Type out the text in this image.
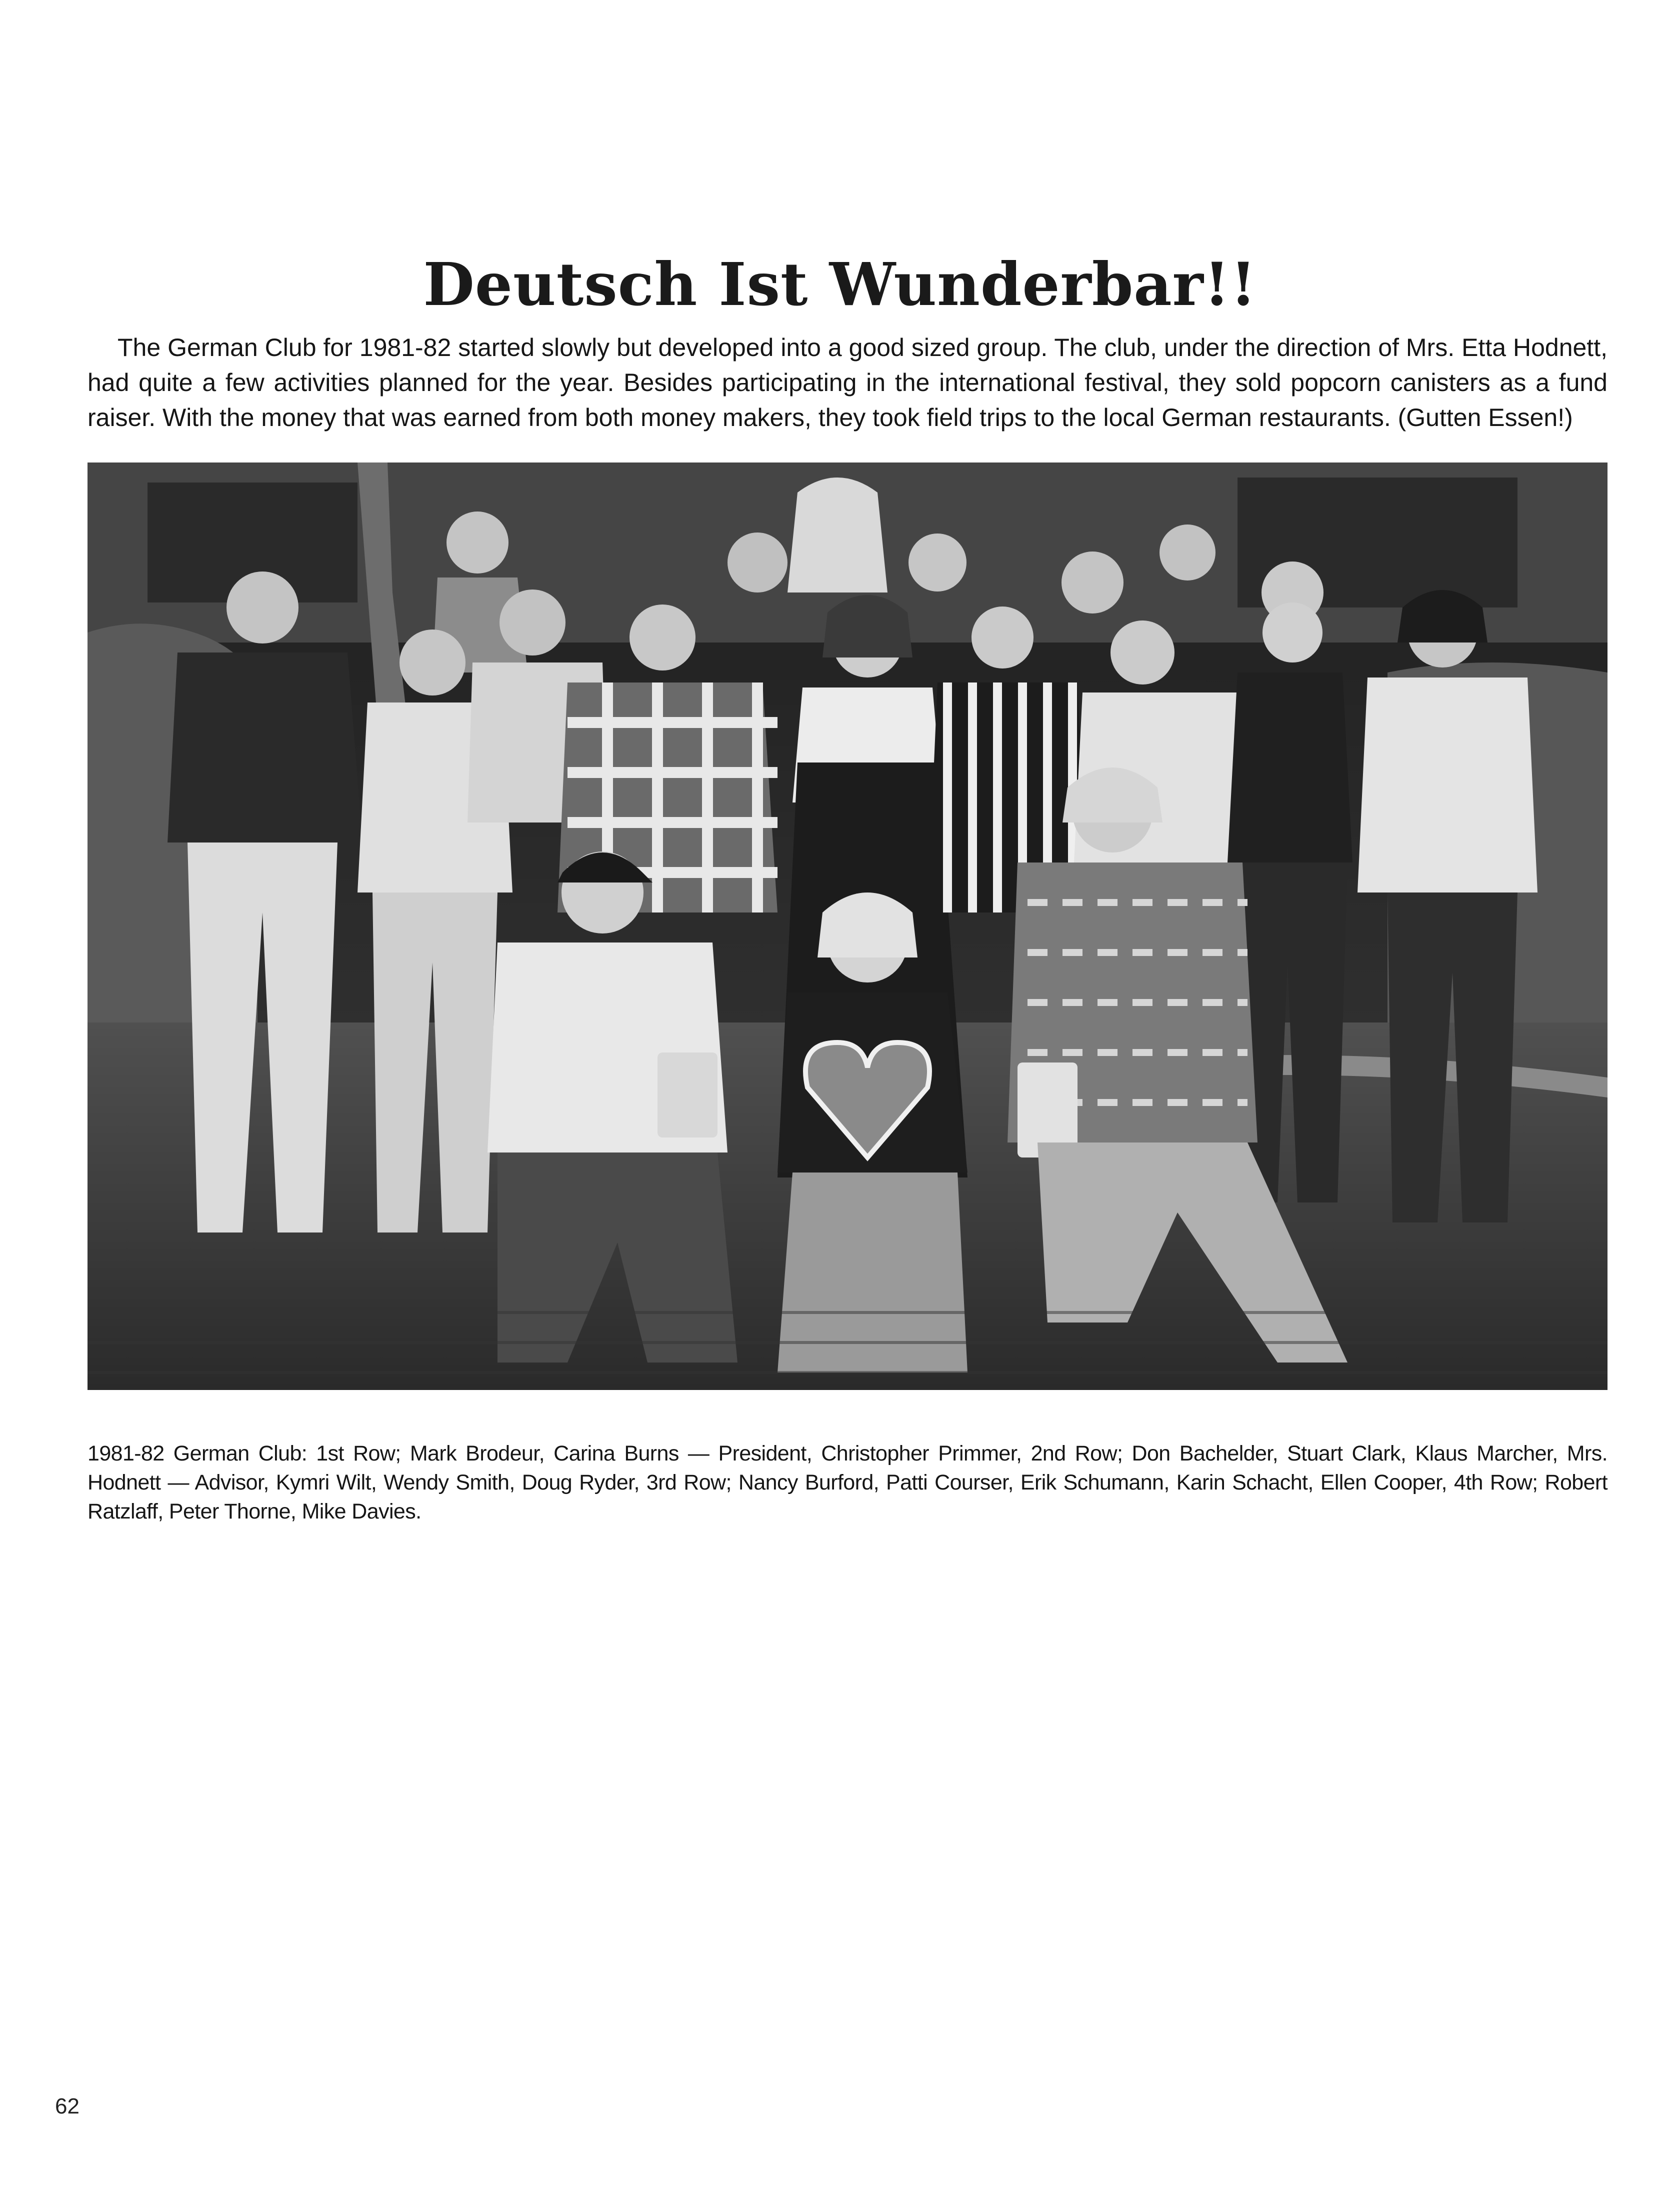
Deutsch Ist Wunderbar!!

The German Club for 1981-82 started slowly but developed into a good sized group. The club, under the direction of Mrs. Etta Hodnett, had quite a few activities planned for the year. Besides participating in the international festival, they sold popcorn canisters as a fund raiser. With the money that was earned from both money makers, they took field trips to the local German restaurants. (Gutten Essen!)

1981-82 German Club: 1st Row; Mark Brodeur, Carina Burns — President, Christopher Primmer, 2nd Row; Don Bachelder, Stuart Clark, Klaus Marcher, Mrs. Hodnett — Advisor, Kymri Wilt, Wendy Smith, Doug Ryder, 3rd Row; Nancy Burford, Patti Courser, Erik Schumann, Karin Schacht, Ellen Cooper, 4th Row; Robert Ratzlaff, Peter Thorne, Mike Davies.

62
